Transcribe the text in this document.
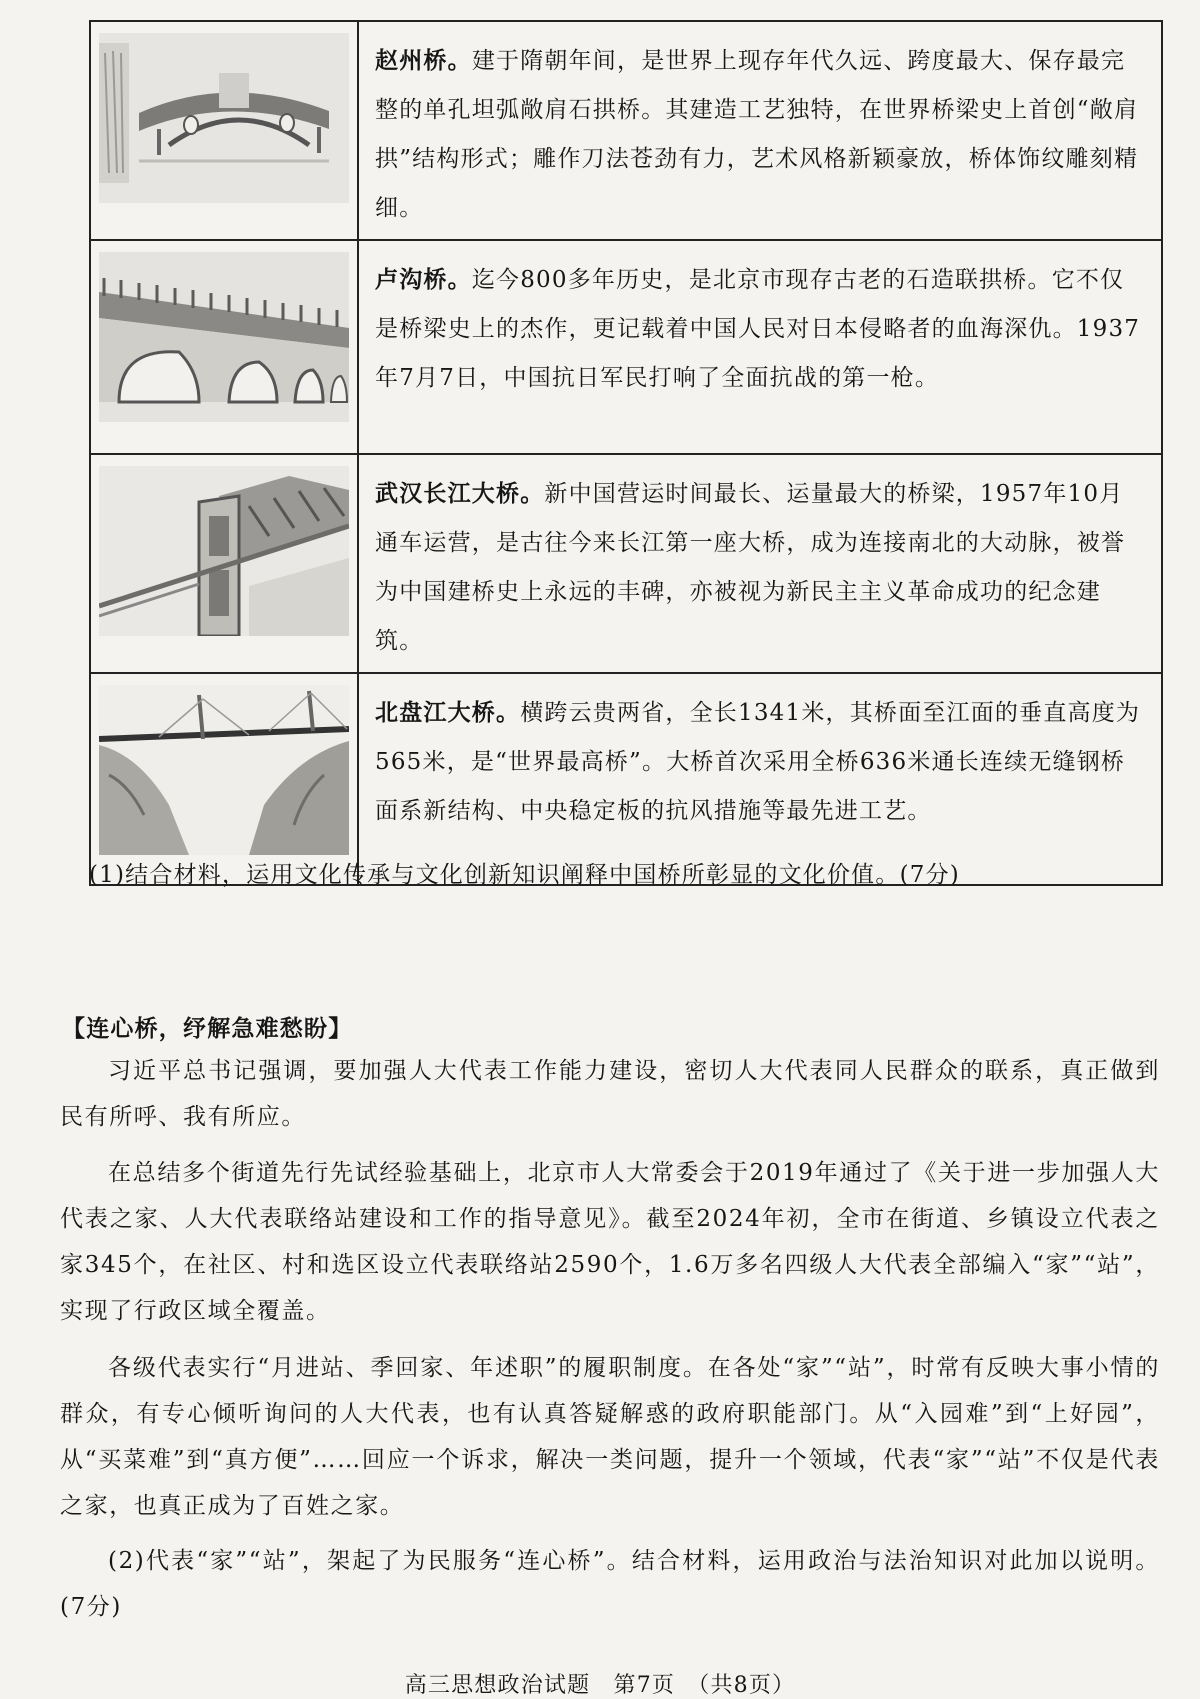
赵州桥。建于隋朝年间，是世界上现存年代久远、跨度最大、保存最完整的单孔坦弧敞肩石拱桥。其建造工艺独特，在世界桥梁史上首创“敞肩拱”结构形式；雕作刀法苍劲有力，艺术风格新颖豪放，桥体饰纹雕刻精细。

卢沟桥。迄今800多年历史，是北京市现存古老的石造联拱桥。它不仅是桥梁史上的杰作，更记载着中国人民对日本侵略者的血海深仇。1937年7月7日，中国抗日军民打响了全面抗战的第一枪。

武汉长江大桥。新中国营运时间最长、运量最大的桥梁，1957年10月通车运营，是古往今来长江第一座大桥，成为连接南北的大动脉，被誉为中国建桥史上永远的丰碑，亦被视为新民主主义革命成功的纪念建筑。

北盘江大桥。横跨云贵两省，全长1341米，其桥面至江面的垂直高度为565米，是“世界最高桥”。大桥首次采用全桥636米通长连续无缝钢桥面系新结构、中央稳定板的抗风措施等最先进工艺。

(1)结合材料，运用文化传承与文化创新知识阐释中国桥所彰显的文化价值。(7分)

【连心桥，纾解急难愁盼】

习近平总书记强调，要加强人大代表工作能力建设，密切人大代表同人民群众的联系，真正做到民有所呼、我有所应。

在总结多个街道先行先试经验基础上，北京市人大常委会于2019年通过了《关于进一步加强人大代表之家、人大代表联络站建设和工作的指导意见》。截至2024年初，全市在街道、乡镇设立代表之家345个，在社区、村和选区设立代表联络站2590个，1.6万多名四级人大代表全部编入“家”“站”，实现了行政区域全覆盖。

各级代表实行“月进站、季回家、年述职”的履职制度。在各处“家”“站”，时常有反映大事小情的群众，有专心倾听询问的人大代表，也有认真答疑解惑的政府职能部门。从“入园难”到“上好园”，从“买菜难”到“真方便”……回应一个诉求，解决一类问题，提升一个领域，代表“家”“站”不仅是代表之家，也真正成为了百姓之家。

(2)代表“家”“站”，架起了为民服务“连心桥”。结合材料，运用政治与法治知识对此加以说明。(7分)

高三思想政治试题　第7页　（共8页）
